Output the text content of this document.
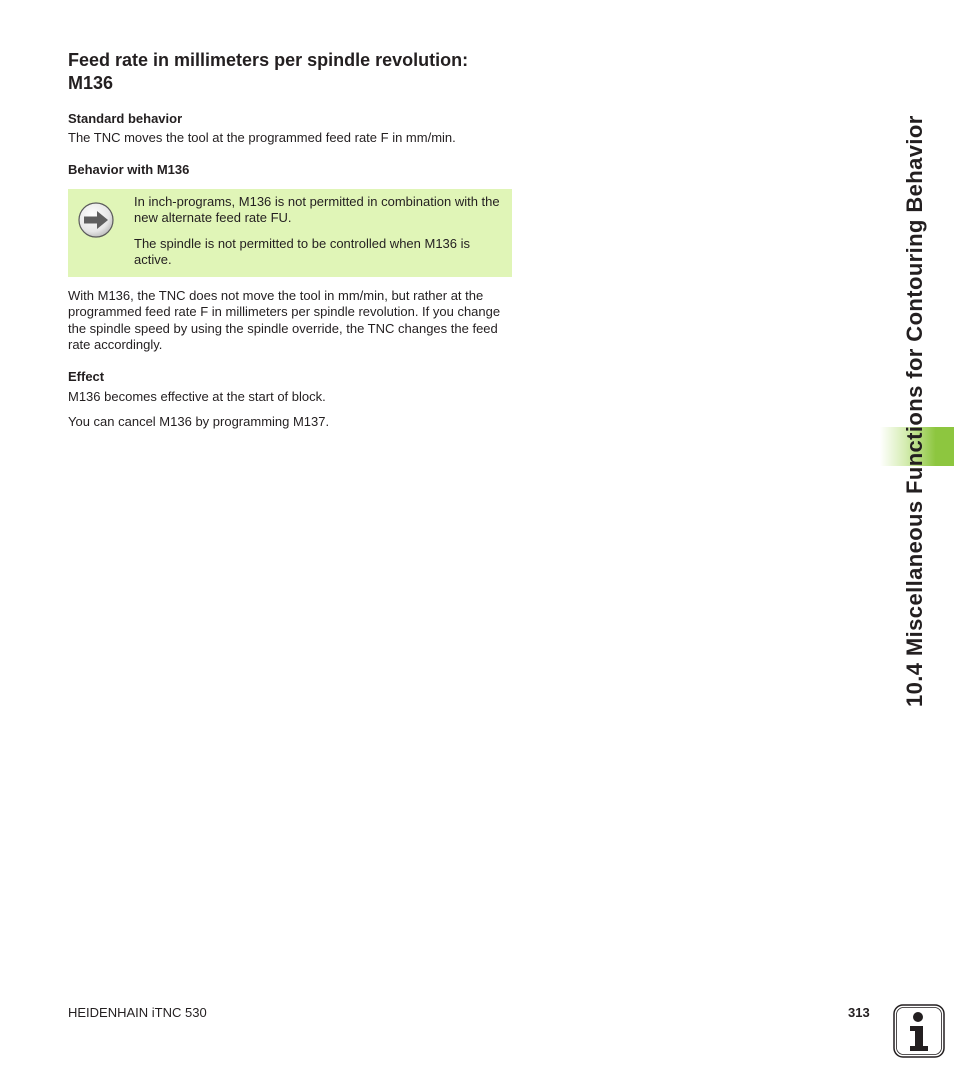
Feed rate in millimeters per spindle revolution:
M136
Standard behavior

The TNC moves the tool at the programmed feed rate F in mm/min.

Behavior with M136

In inch-programs, M136 is not permitted in combination with the new alternate feed rate FU.

The spindle is not permitted to be controlled when M136 is active.

With M136, the TNC does not move the tool in mm/min, but rather at the programmed feed rate F in millimeters per spindle revolution. If you change the spindle speed by using the spindle override, the TNC changes the feed rate accordingly.

Effect

M136 becomes effective at the start of block.

You can cancel M136 by programming M137.	10.4 Miscellaneous Functions for Contouring Behavior
HEIDENHAIN iTNC 530	313
